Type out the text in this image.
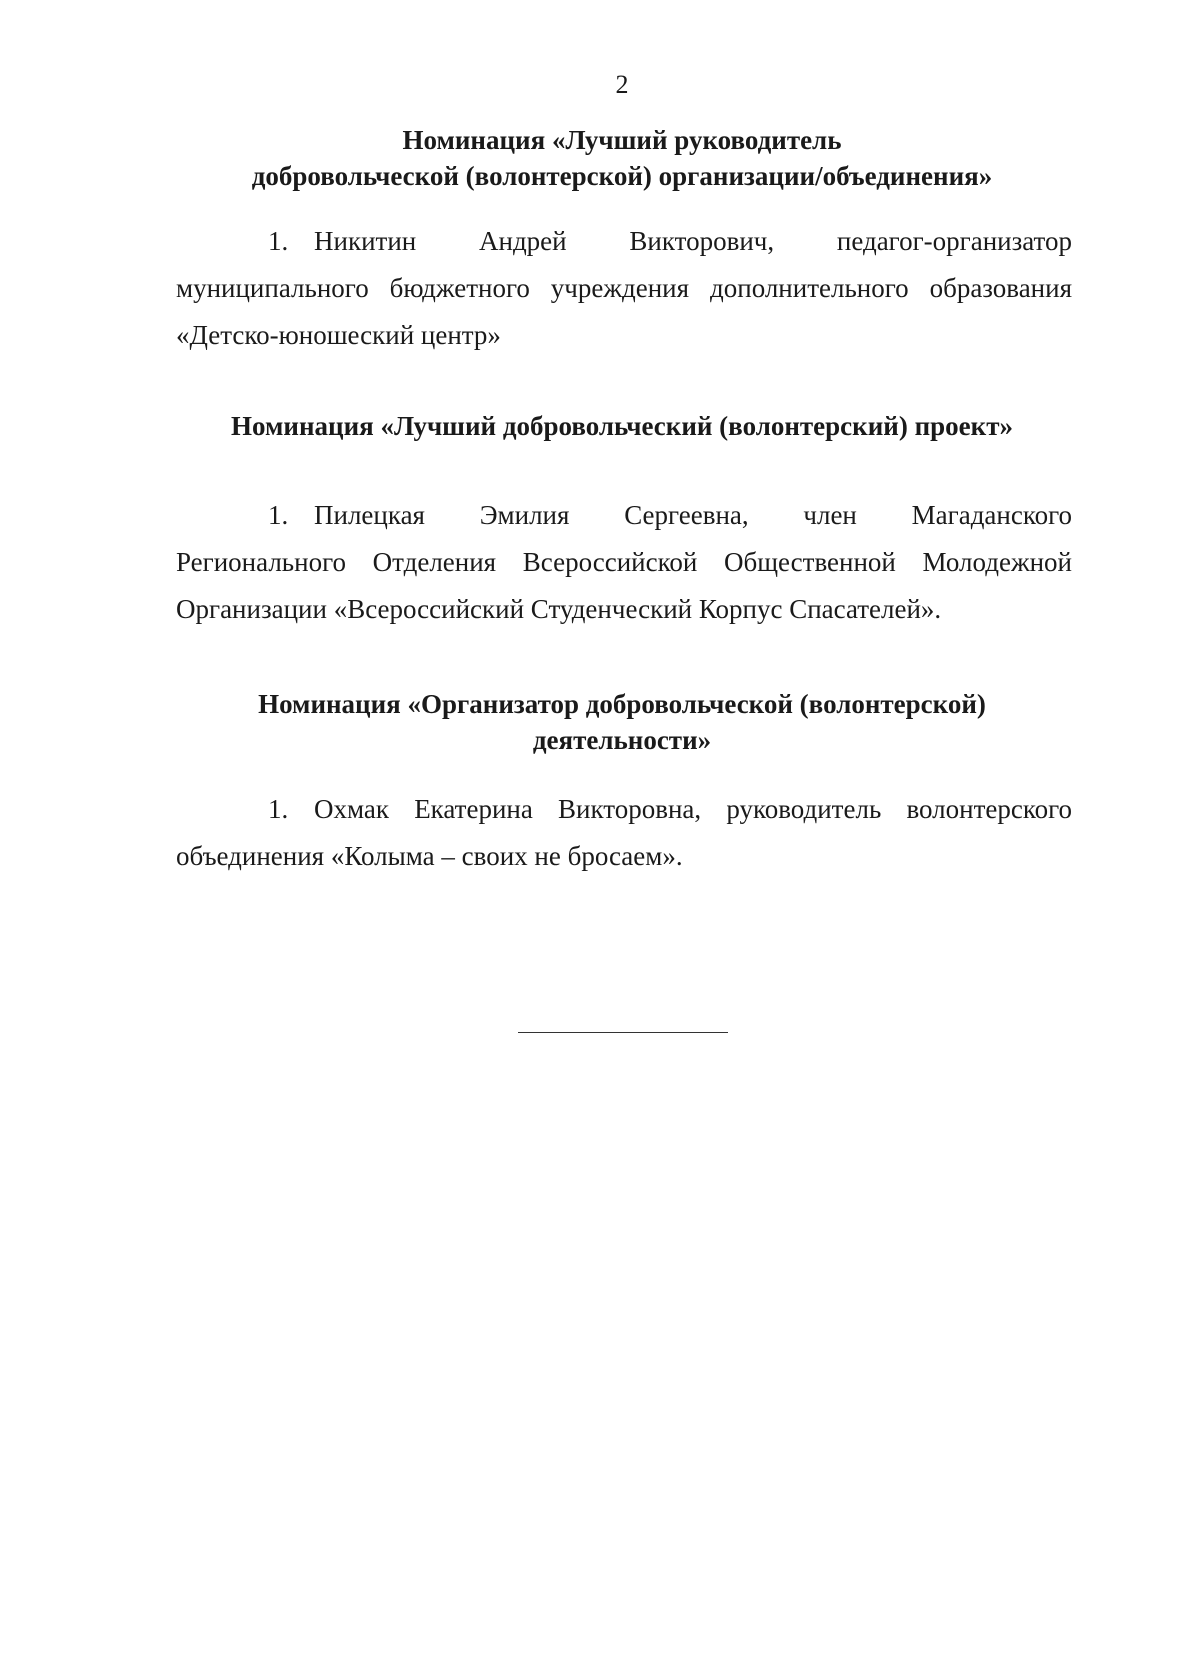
2
Номинация «Лучший руководитель
добровольческой (волонтерской) организации/объединения»
1. Никитин Андрей Викторович, педагог-организатор
муниципального бюджетного учреждения дополнительного образования «Детско-юношеский центр»
Номинация «Лучший добровольческий (волонтерский) проект»
1. Пилецкая Эмилия Сергеевна, член Магаданского
Регионального Отделения Всероссийской Общественной Молодежной Организации «Всероссийский Студенческий Корпус Спасателей».
Номинация «Организатор добровольческой (волонтерской)
деятельности»
1. Охмак Екатерина Викторовна, руководитель волонтерского
объединения «Колыма – своих не бросаем».
